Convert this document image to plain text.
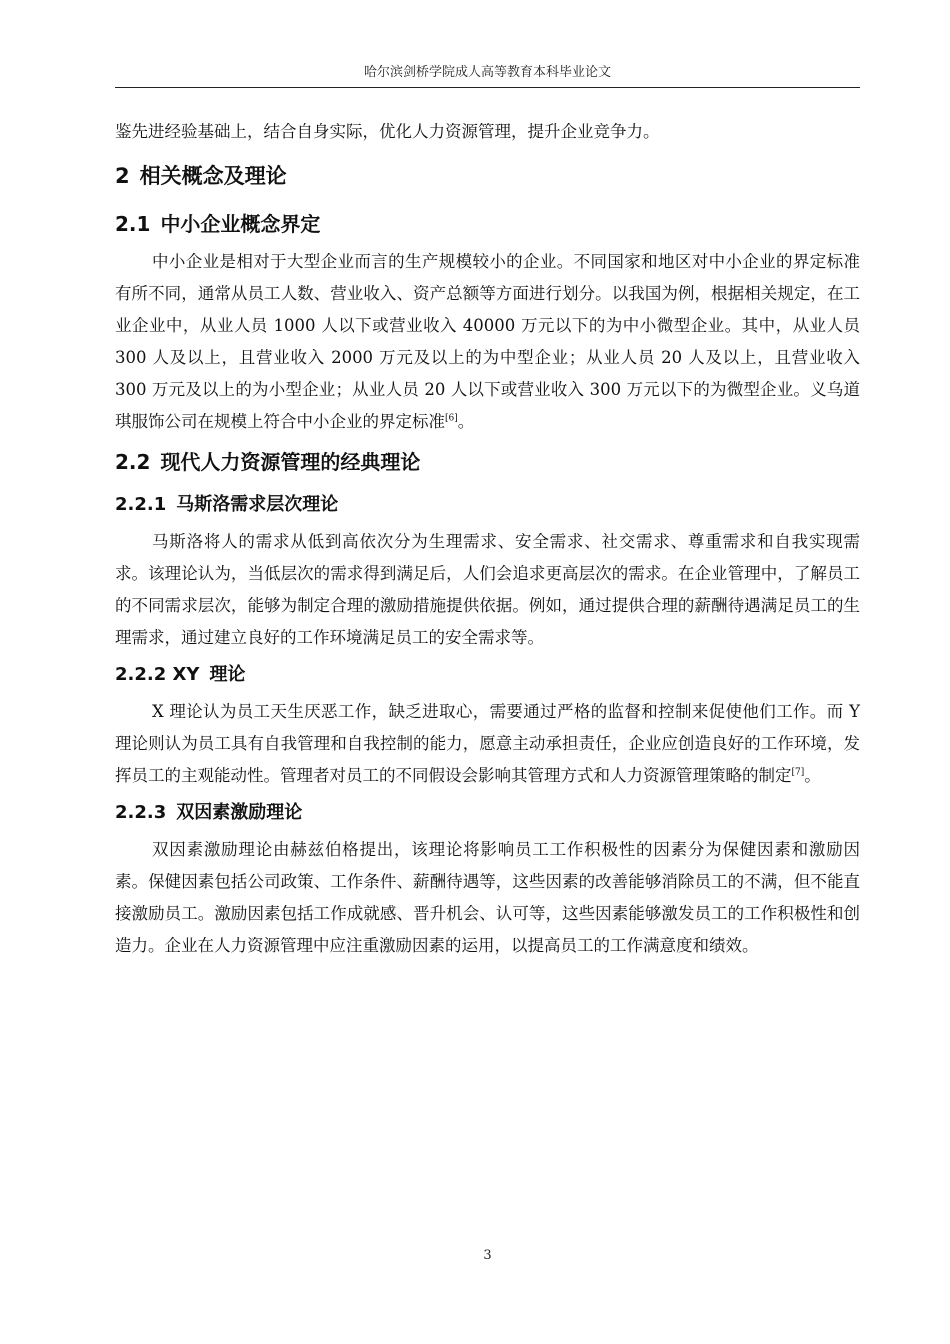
哈尔滨剑桥学院成人高等教育本科毕业论文

鉴先进经验基础上，结合自身实际，优化人力资源管理，提升企业竞争力。

2 相关概念及理论
2.1 中小企业概念界定

中小企业是相对于大型企业而言的生产规模较小的企业。不同国家和地区对中小企业的界定标准有所不同，通常从员工人数、营业收入、资产总额等方面进行划分。以我国为例，根据相关规定，在工业企业中，从业人员 1000 人以下或营业收入 40000 万元以下的为中小微型企业。其中，从业人员 300 人及以上，且营业收入 2000 万元及以上的为中型企业；从业人员 20 人及以上，且营业收入 300 万元及以上的为小型企业；从业人员 20 人以下或营业收入 300 万元以下的为微型企业。义乌道琪服饰公司在规模上符合中小企业的界定标准[6]。

2.2 现代人力资源管理的经典理论
2.2.1 马斯洛需求层次理论

马斯洛将人的需求从低到高依次分为生理需求、安全需求、社交需求、尊重需求和自我实现需求。该理论认为，当低层次的需求得到满足后，人们会追求更高层次的需求。在企业管理中，了解员工的不同需求层次，能够为制定合理的激励措施提供依据。例如，通过提供合理的薪酬待遇满足员工的生理需求，通过建立良好的工作环境满足员工的安全需求等。

2.2.2 XY 理论

X 理论认为员工天生厌恶工作，缺乏进取心，需要通过严格的监督和控制来促使他们工作。而 Y 理论则认为员工具有自我管理和自我控制的能力，愿意主动承担责任，企业应创造良好的工作环境，发挥员工的主观能动性。管理者对员工的不同假设会影响其管理方式和人力资源管理策略的制定[7]。

2.2.3 双因素激励理论

双因素激励理论由赫兹伯格提出，该理论将影响员工工作积极性的因素分为保健因素和激励因素。保健因素包括公司政策、工作条件、薪酬待遇等，这些因素的改善能够消除员工的不满，但不能直接激励员工。激励因素包括工作成就感、晋升机会、认可等，这些因素能够激发员工的工作积极性和创造力。企业在人力资源管理中应注重激励因素的运用，以提高员工的工作满意度和绩效。

3
